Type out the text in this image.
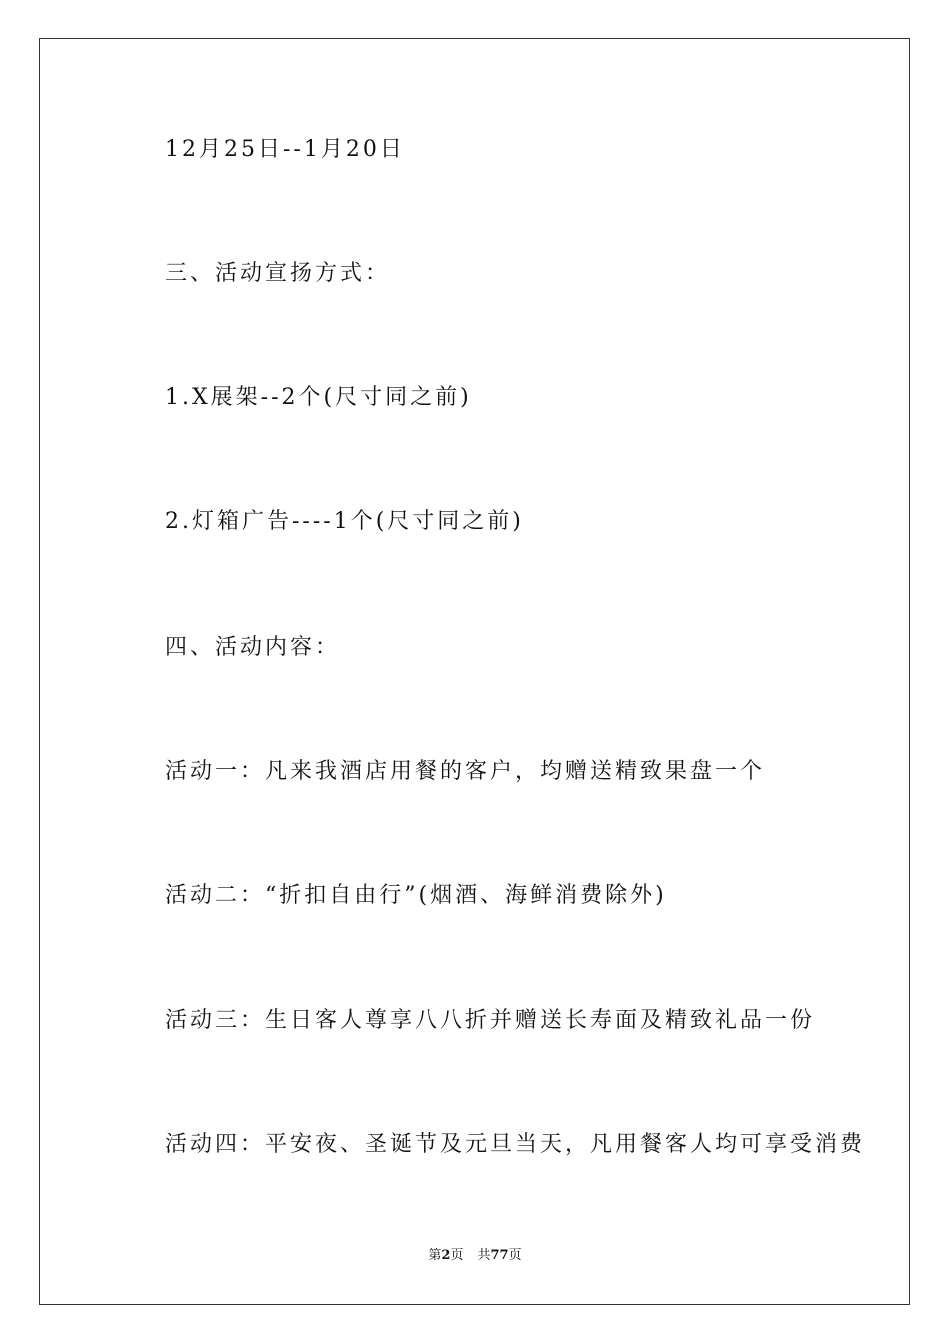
12月25日--1月20日
三、活动宣扬方式：
1.X展架--2个(尺寸同之前)
2.灯箱广告----1个(尺寸同之前)
四、活动内容：
活动一：凡来我酒店用餐的客户，均赠送精致果盘一个
活动二：“折扣自由行”(烟酒、海鲜消费除外)
活动三：生日客人尊享八八折并赠送长寿面及精致礼品一份
活动四：平安夜、圣诞节及元旦当天，凡用餐客人均可享受消费
第2页 共77页
